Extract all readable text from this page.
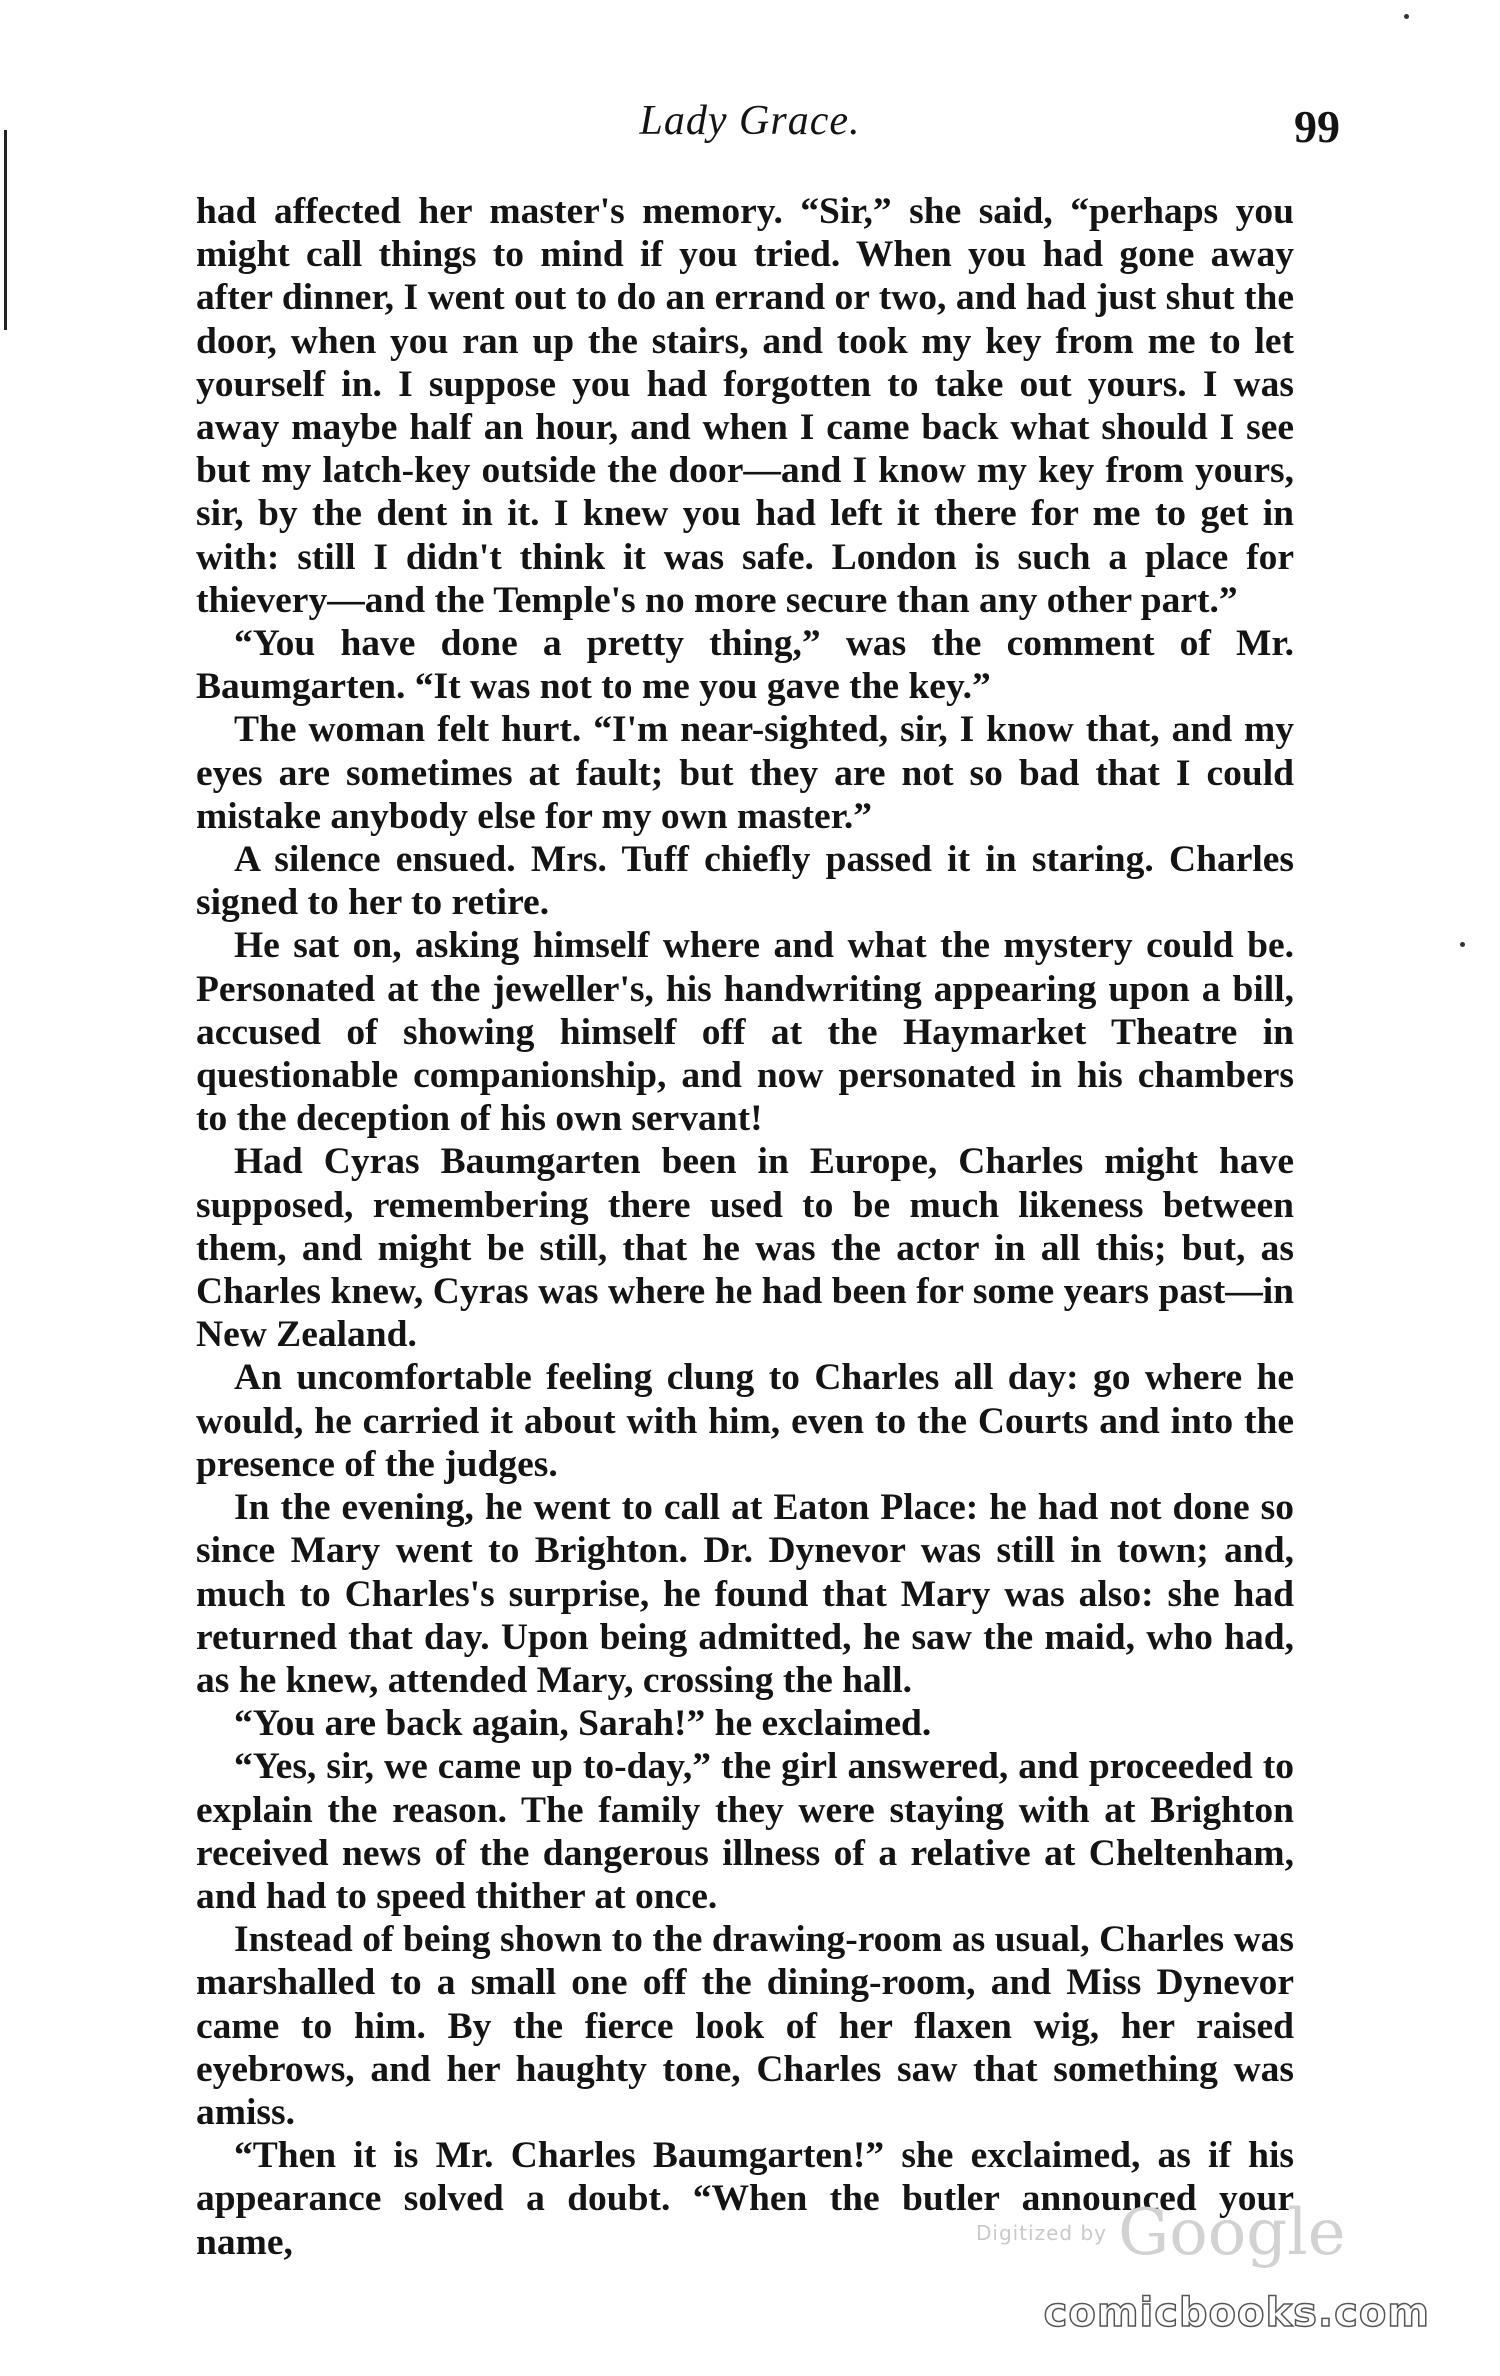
Lady Grace.	99

had affected her master's memory. “Sir,” she said, “perhaps you might call things to mind if you tried. When you had gone away after dinner, I went out to do an errand or two, and had just shut the door, when you ran up the stairs, and took my key from me to let yourself in. I suppose you had forgotten to take out yours. I was away maybe half an hour, and when I came back what should I see but my latch-key outside the door—and I know my key from yours, sir, by the dent in it. I knew you had left it there for me to get in with: still I didn't think it was safe. London is such a place for thievery—and the Temple's no more secure than any other part.”

“You have done a pretty thing,” was the comment of Mr. Baumgarten. “It was not to me you gave the key.”

The woman felt hurt. “I'm near-sighted, sir, I know that, and my eyes are sometimes at fault; but they are not so bad that I could mistake anybody else for my own master.”

A silence ensued. Mrs. Tuff chiefly passed it in staring. Charles signed to her to retire.

He sat on, asking himself where and what the mystery could be. Personated at the jeweller's, his handwriting appearing upon a bill, accused of showing himself off at the Haymarket Theatre in questionable companionship, and now personated in his chambers to the deception of his own servant!

Had Cyras Baumgarten been in Europe, Charles might have supposed, remembering there used to be much likeness between them, and might be still, that he was the actor in all this; but, as Charles knew, Cyras was where he had been for some years past—in New Zealand.

An uncomfortable feeling clung to Charles all day: go where he would, he carried it about with him, even to the Courts and into the presence of the judges.

In the evening, he went to call at Eaton Place: he had not done so since Mary went to Brighton. Dr. Dynevor was still in town; and, much to Charles's surprise, he found that Mary was also: she had returned that day. Upon being admitted, he saw the maid, who had, as he knew, attended Mary, crossing the hall.

“You are back again, Sarah!” he exclaimed.

“Yes, sir, we came up to-day,” the girl answered, and proceeded to explain the reason. The family they were staying with at Brighton received news of the dangerous illness of a relative at Cheltenham, and had to speed thither at once.

Instead of being shown to the drawing-room as usual, Charles was marshalled to a small one off the dining-room, and Miss Dynevor came to him. By the fierce look of her flaxen wig, her raised eyebrows, and her haughty tone, Charles saw that something was amiss.

“Then it is Mr. Charles Baumgarten!” she exclaimed, as if his appearance solved a doubt. “When the butler announced your name,	Digitized by Google
comicbooks.com
